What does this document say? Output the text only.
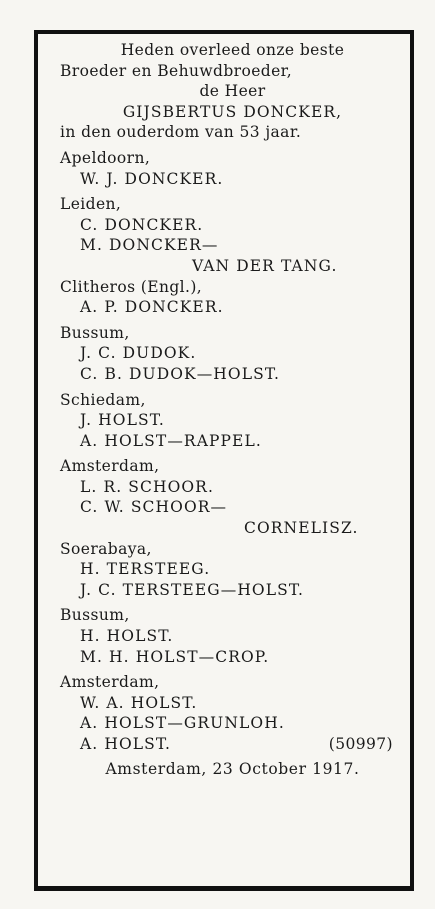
Heden overleed onze beste
Broeder en Behuwdbroeder,
de Heer
GIJSBERTUS DONCKER,
in den ouderdom van 53 jaar.
Apeldoorn,
W. J. DONCKER.
Leiden,
C. DONCKER.
M. DONCKER—
VAN DER TANG.
Clitheros (Engl.),
A. P. DONCKER.
Bussum,
J. C. DUDOK.
C. B. DUDOK—HOLST.
Schiedam,
J. HOLST.
A. HOLST—RAPPEL.
Amsterdam,
L. R. SCHOOR.
C. W. SCHOOR—
CORNELISZ.
Soerabaya,
H. TERSTEEG.
J. C. TERSTEEG—HOLST.
Bussum,
H. HOLST.
M. H. HOLST—CROP.
Amsterdam,
W. A. HOLST.
A. HOLST—GRUNLOH.
A. HOLST.	(50997)
Amsterdam, 23 October 1917.
